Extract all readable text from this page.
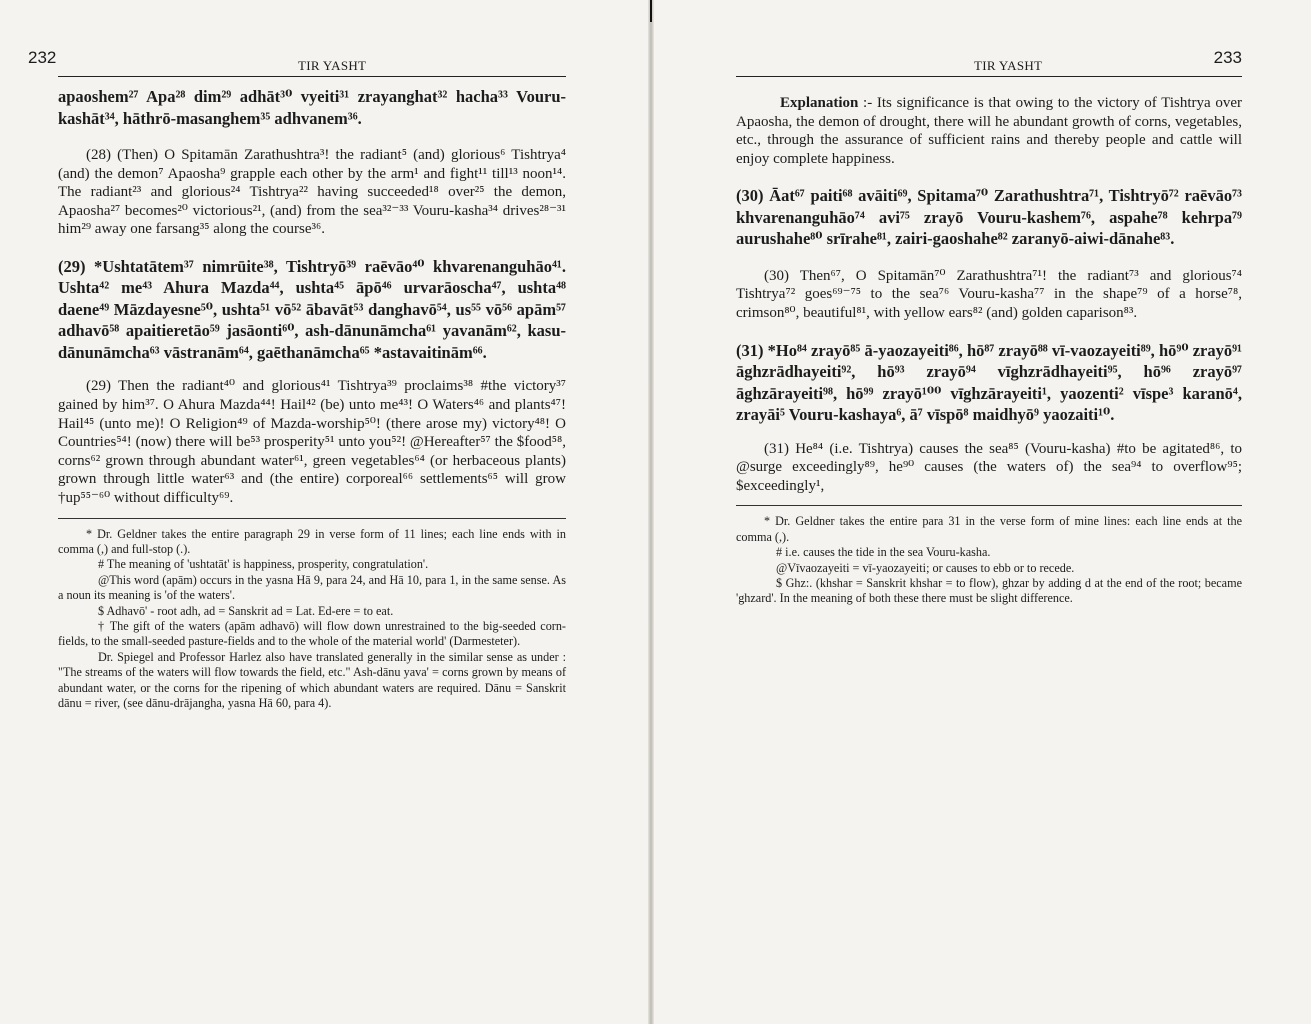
232	TIR YASHT

apaoshem²⁷ Apa²⁸ dim²⁹ adhāt³⁰ vyeiti³¹ zrayanghat³² hacha³³ Vouru-kashāt³⁴, hāthrō-masanghem³⁵ adhvanem³⁶.

(28) (Then) O Spitamān Zarathushtra³! the radiant⁵ (and) glorious⁶ Tishtrya⁴ (and) the demon⁷ Apaosha⁹ grapple each other by the arm¹ and fight¹¹ till¹³ noon¹⁴. The radiant²³ and glorious²⁴ Tishtrya²² having succeeded¹⁸ over²⁵ the demon, Apaosha²⁷ becomes²⁰ victorious²¹, (and) from the sea³²⁻³³ Vouru-kasha³⁴ drives²⁸⁻³¹ him²⁹ away one farsang³⁵ along the course³⁶.

(29) *Ushtatātem³⁷ nimrūite³⁸, Tishtryō³⁹ raēvāo⁴⁰ khvarenanguhāo⁴¹. Ushta⁴² me⁴³ Ahura Mazda⁴⁴, ushta⁴⁵ āpō⁴⁶ urvarāoscha⁴⁷, ushta⁴⁸ daene⁴⁹ Māzdayesne⁵⁰, ushta⁵¹ vō⁵² ābavāt⁵³ danghavō⁵⁴, us⁵⁵ vō⁵⁶ apām⁵⁷ adhavō⁵⁸ apaitieretāo⁵⁹ jasāonti⁶⁰, ash-dānunāmcha⁶¹ yavanām⁶², kasu-dānunāmcha⁶³ vāstranām⁶⁴, gaēthanāmcha⁶⁵ *astavaitinām⁶⁶.

(29) Then the radiant⁴⁰ and glorious⁴¹ Tishtrya³⁹ proclaims³⁸ #the victory³⁷ gained by him³⁷. O Ahura Mazda⁴⁴! Hail⁴² (be) unto me⁴³! O Waters⁴⁶ and plants⁴⁷! Hail⁴⁵ (unto me)! O Religion⁴⁹ of Mazda-worship⁵⁰! (there arose my) victory⁴⁸! O Countries⁵⁴! (now) there will be⁵³ prosperity⁵¹ unto you⁵²! @Hereafter⁵⁷ the $food⁵⁸, corns⁶² grown through abundant water⁶¹, green vegetables⁶⁴ (or herbaceous plants) grown through little water⁶³ and (the entire) corporeal⁶⁶ settlements⁶⁵ will grow †up⁵⁵⁻⁶⁰ without difficulty⁶⁹.

* Dr. Geldner takes the entire paragraph 29 in verse form of 11 lines; each line ends with in comma (,) and full-stop (.).

# The meaning of 'ushtatāt' is happiness, prosperity, congratulation'.

@This word (apām) occurs in the yasna Hā 9, para 24, and Hā 10, para 1, in the same sense. As a noun its meaning is 'of the waters'.

$ Adhavō' - root adh, ad = Sanskrit ad = Lat. Ed-ere = to eat.

† The gift of the waters (apām adhavō) will flow down unrestrained to the big-seeded corn-fields, to the small-seeded pasture-fields and to the whole of the material world' (Darmesteter).

Dr. Spiegel and Professor Harlez also have translated generally in the similar sense as under : "The streams of the waters will flow towards the field, etc." Ash-dānu yava' = corns grown by means of abundant water, or the corns for the ripening of which abundant waters are required. Dānu = Sanskrit dānu = river, (see dānu-drājangha, yasna Hā 60, para 4).

233
TIR YASHT

Explanation :- Its significance is that owing to the victory of Tishtrya over Apaosha, the demon of drought, there will he abundant growth of corns, vegetables, etc., through the assurance of sufficient rains and thereby people and cattle will enjoy complete happiness.

(30) Āat⁶⁷ paiti⁶⁸ avāiti⁶⁹, Spitama⁷⁰ Zarathushtra⁷¹, Tishtryō⁷² raēvāo⁷³ khvarenanguhāo⁷⁴ avi⁷⁵ zrayō Vouru-kashem⁷⁶, aspahe⁷⁸ kehrpa⁷⁹ aurushahe⁸⁰ srīrahe⁸¹, zairi-gaoshahe⁸² zaranyō-aiwi-dānahe⁸³.

(30) Then⁶⁷, O Spitamān⁷⁰ Zarathushtra⁷¹! the radiant⁷³ and glorious⁷⁴ Tishtrya⁷² goes⁶⁹⁻⁷⁵ to the sea⁷⁶ Vouru-kasha⁷⁷ in the shape⁷⁹ of a horse⁷⁸, crimson⁸⁰, beautiful⁸¹, with yellow ears⁸² (and) golden caparison⁸³.

(31) *Ho⁸⁴ zrayō⁸⁵ ā-yaozayeiti⁸⁶, hō⁸⁷ zrayō⁸⁸ vī-vaozayeiti⁸⁹, hō⁹⁰ zrayō⁹¹ āghzrādhayeiti⁹², hō⁹³ zrayō⁹⁴ vīghzrādhayeiti⁹⁵, hō⁹⁶ zrayō⁹⁷ āghzārayeiti⁹⁸, hō⁹⁹ zrayō¹⁰⁰ vīghzārayeiti¹, yaozenti² vīspe³ karanō⁴, zrayāi⁵ Vouru-kashaya⁶, ā⁷ vīspō⁸ maidhyō⁹ yaozaiti¹⁰.

(31) He⁸⁴ (i.e. Tishtrya) causes the sea⁸⁵ (Vouru-kasha) #to be agitated⁸⁶, to @surge exceedingly⁸⁹, he⁹⁰ causes (the waters of) the sea⁹⁴ to overflow⁹⁵; $exceedingly¹,

* Dr. Geldner takes the entire para 31 in the verse form of mine lines: each line ends at the comma (,).

# i.e. causes the tide in the sea Vouru-kasha.

@Vīvaozayeiti = vī-yaozayeiti; or causes to ebb or to recede.

$ Ghz:. (khshar = Sanskrit khshar = to flow), ghzar by adding d at the end of the root; became 'ghzard'. In the meaning of both these there must be slight difference.
